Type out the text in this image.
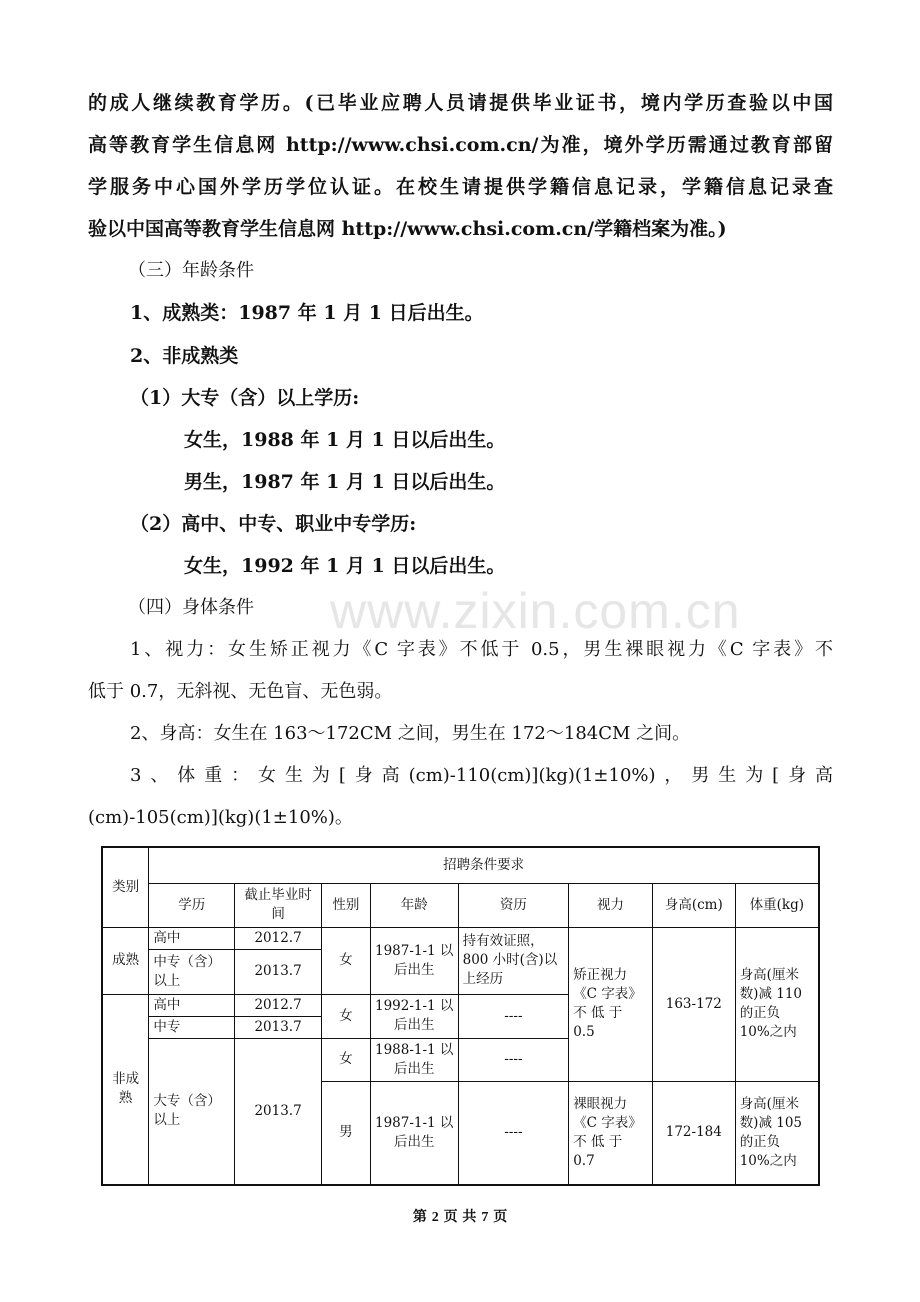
www.zixin.com.cn
的成人继续教育学历。(已毕业应聘人员请提供毕业证书，境内学历查验以中国
高等教育学生信息网 http://www.chsi.com.cn/为准，境外学历需通过教育部留
学服务中心国外学历学位认证。在校生请提供学籍信息记录，学籍信息记录查
验以中国高等教育学生信息网 http://www.chsi.com.cn/学籍档案为准。)
（三）年龄条件
1、成熟类：1987 年 1 月 1 日后出生。
2、非成熟类
（1）大专（含）以上学历:
女生，1988 年 1 月 1 日以后出生。
男生，1987 年 1 月 1 日以后出生。
（2）高中、中专、职业中专学历:
女生，1992 年 1 月 1 日以后出生。
（四）身体条件
1、视力：女生矫正视力《C 字表》不低于 0.5，男生裸眼视力《C 字表》不
低于 0.7，无斜视、无色盲、无色弱。
2、身高：女生在 163～172CM 之间，男生在 172～184CM 之间。
3、体重：女生为[身高(cm)-110(cm)](kg)(1±10%)，男生为[身高
(cm)-105(cm)](kg)(1±10%)。
类别	招聘条件要求							
	学历	截止毕业时间	性别	年龄	资历	视力	身高(cm)	体重(kg)
成熟	高中	2012.7	女	1987-1-1 以后出生	持有效证照，800 小时(含)以上经历	矫正视力《C 字表》不 低 于 0.5	163-172	身高(厘米数)减 110 的正负 10%之内
	中专（含）以上	2013.7						
非成熟	高中	2012.7	女	1992-1-1 以后出生	----			
	中专	2013.7						
	大专（含）以上	2013.7	女	1988-1-1 以后出生	----			
			男	1987-1-1 以后出生	----	裸眼视力《C 字表》不 低 于 0.7	172-184	身高(厘米数)减 105 的正负 10%之内
第 2 页 共 7 页
